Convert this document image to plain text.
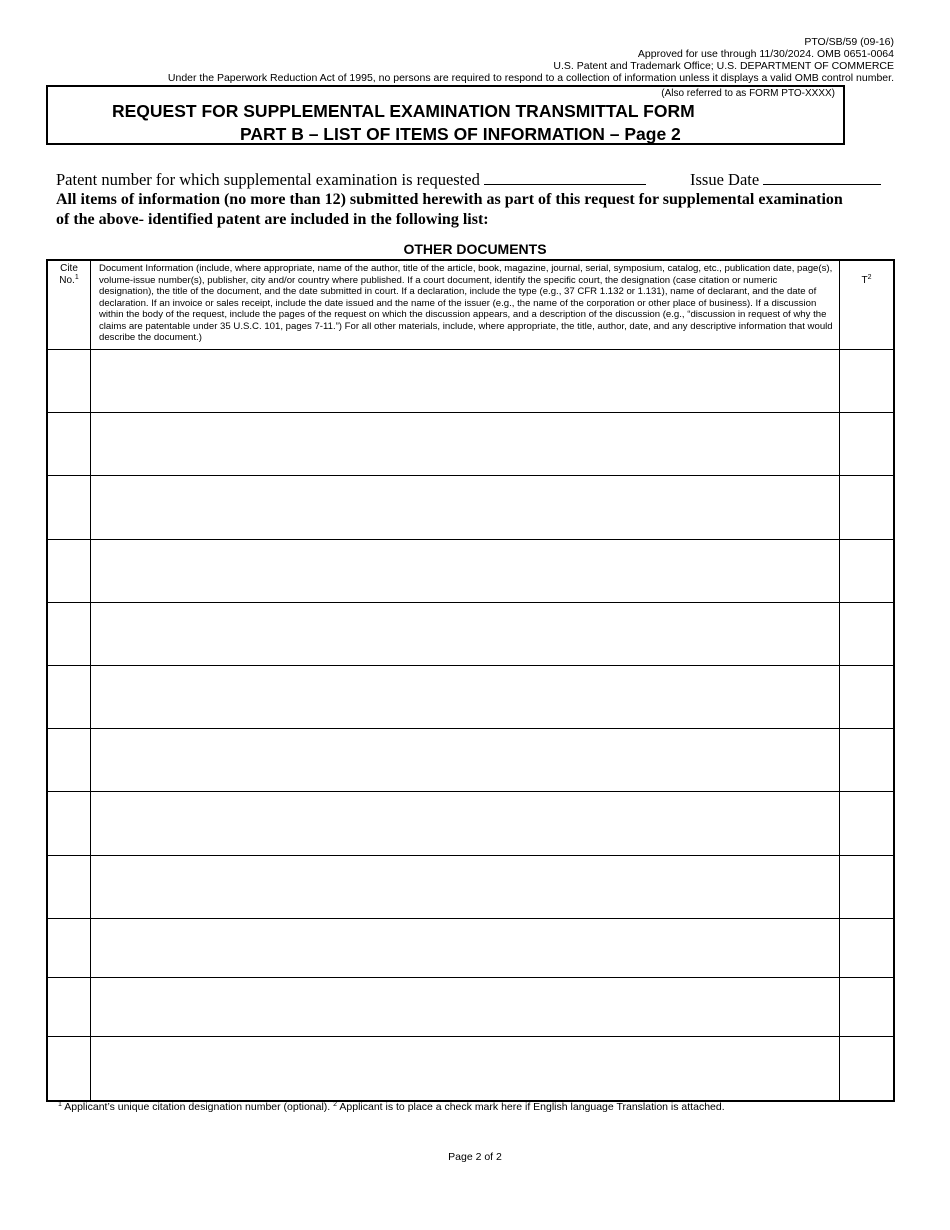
PTO/SB/59 (09-16)
Approved for use through 11/30/2024. OMB 0651-0064
U.S. Patent and Trademark Office; U.S. DEPARTMENT OF COMMERCE
Under the Paperwork Reduction Act of 1995, no persons are required to respond to a collection of information unless it displays a valid OMB control number.
(Also referred to as FORM PTO-XXXX)
REQUEST FOR SUPPLEMENTAL EXAMINATION TRANSMITTAL FORM
PART B – LIST OF ITEMS OF INFORMATION – Page 2
Patent number for which supplemental examination is requested	Issue Date
All items of information (no more than 12) submitted herewith as part of this request for supplemental examination of the above- identified patent are included in the following list:
OTHER DOCUMENTS
Cite
No.$^1$
Document Information (include, where appropriate, name of the author, title of the article, book, magazine, journal, serial, symposium, catalog, etc., publication date, page(s), volume-issue number(s), publisher, city and/or country where published. If a court document, identify the specific court, the designation (case citation or numeric designation), the title of the document, and the date submitted in court. If a declaration, include the type (e.g., 37 CFR 1.132 or 1.131), name of declarant, and the date of declaration. If an invoice or sales receipt, include the date issued and the name of the issuer (e.g., the name of the corporation or other place of business). If a discussion within the body of the request, include the pages of the request on which the discussion appears, and a description of the discussion (e.g., “discussion in request of why the claims are patentable under 35 U.S.C. 101, pages 7-11.”) For all other materials, include, where appropriate, the title, author, date, and any descriptive information that would describe the document.)
$T^2$
$^1$ Applicant’s unique citation designation number (optional). $^2$ Applicant is to place a check mark here if English language Translation is attached.
Page 2 of 2
